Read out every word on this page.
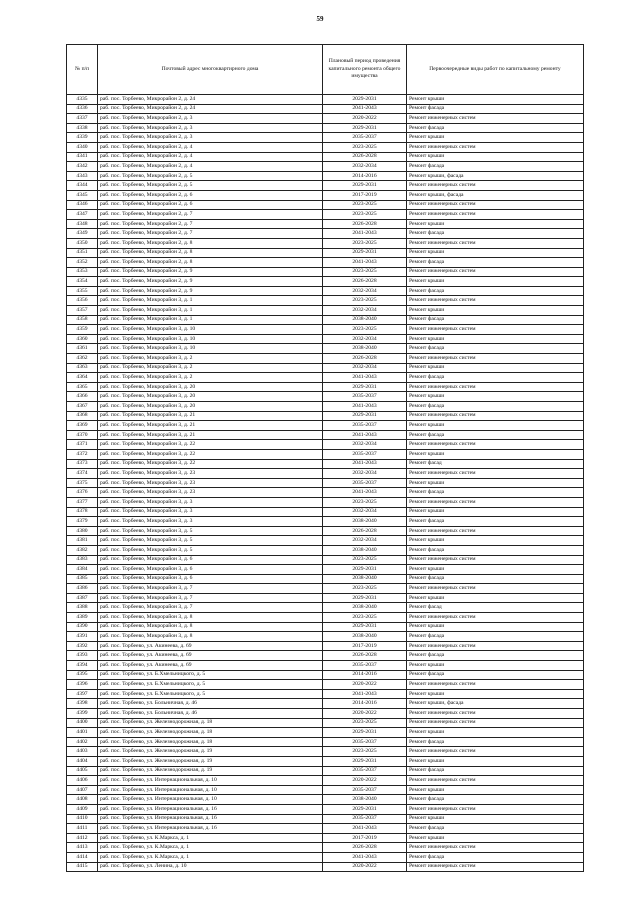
59
№ п/п	Почтовый адрес многоквартирного дома	Плановый период проведения капитального ремонта общего имущества	Первоочередные виды работ по капитальному ремонту
4335	раб. пос. Торбеево, Микрорайон 2, д. 24	2029-2031	Ремонт крыши
4336	раб. пос. Торбеево, Микрорайон 2, д. 24	2041-2043	Ремонт фасада
4337	раб. пос. Торбеево, Микрорайон 2, д. 3	2020-2022	Ремонт инженерных систем
4338	раб. пос. Торбеево, Микрорайон 2, д. 3	2029-2031	Ремонт фасада
4339	раб. пос. Торбеево, Микрорайон 2, д. 3	2035-2037	Ремонт крыши
4340	раб. пос. Торбеево, Микрорайон 2, д. 4	2023-2025	Ремонт инженерных систем
4341	раб. пос. Торбеево, Микрорайон 2, д. 4	2026-2028	Ремонт крыши
4342	раб. пос. Торбеево, Микрорайон 2, д. 4	2032-2034	Ремонт фасада
4343	раб. пос. Торбеево, Микрорайон 2, д. 5	2014-2016	Ремонт крыши, фасада
4344	раб. пос. Торбеево, Микрорайон 2, д. 5	2029-2031	Ремонт инженерных систем
4345	раб. пос. Торбеево, Микрорайон 2, д. 6	2017-2019	Ремонт крыши, фасада
4346	раб. пос. Торбеево, Микрорайон 2, д. 6	2023-2025	Ремонт инженерных систем
4347	раб. пос. Торбеево, Микрорайон 2, д. 7	2023-2025	Ремонт инженерных систем
4348	раб. пос. Торбеево, Микрорайон 2, д. 7	2026-2028	Ремонт крыши
4349	раб. пос. Торбеево, Микрорайон 2, д. 7	2041-2043	Ремонт фасада
4350	раб. пос. Торбеево, Микрорайон 2, д. 8	2023-2025	Ремонт инженерных систем
4351	раб. пос. Торбеево, Микрорайон 2, д. 8	2029-2031	Ремонт крыши
4352	раб. пос. Торбеево, Микрорайон 2, д. 8	2041-2043	Ремонт фасада
4353	раб. пос. Торбеево, Микрорайон 2, д. 9	2023-2025	Ремонт инженерных систем
4354	раб. пос. Торбеево, Микрорайон 2, д. 9	2026-2028	Ремонт крыши
4355	раб. пос. Торбеево, Микрорайон 2, д. 9	2032-2034	Ремонт фасада
4356	раб. пос. Торбеево, Микрорайон 3, д. 1	2023-2025	Ремонт инженерных систем
4357	раб. пос. Торбеево, Микрорайон 3, д. 1	2032-2034	Ремонт крыши
4358	раб. пос. Торбеево, Микрорайон 3, д. 1	2038-2040	Ремонт фасада
4359	раб. пос. Торбеево, Микрорайон 3, д. 10	2023-2025	Ремонт инженерных систем
4360	раб. пос. Торбеево, Микрорайон 3, д. 10	2032-2034	Ремонт крыши
4361	раб. пос. Торбеево, Микрорайон 3, д. 10	2038-2040	Ремонт фасада
4362	раб. пос. Торбеево, Микрорайон 3, д. 2	2026-2028	Ремонт инженерных систем
4363	раб. пос. Торбеево, Микрорайон 3, д. 2	2032-2034	Ремонт крыши
4364	раб. пос. Торбеево, Микрорайон 3, д. 2	2041-2043	Ремонт фасада
4365	раб. пос. Торбеево, Микрорайон 3, д. 20	2029-2031	Ремонт инженерных систем
4366	раб. пос. Торбеево, Микрорайон 3, д. 20	2035-2037	Ремонт крыши
4367	раб. пос. Торбеево, Микрорайон 3, д. 20	2041-2043	Ремонт фасада
4368	раб. пос. Торбеево, Микрорайон 3, д. 21	2029-2031	Ремонт инженерных систем
4369	раб. пос. Торбеево, Микрорайон 3, д. 21	2035-2037	Ремонт крыши
4370	раб. пос. Торбеево, Микрорайон 3, д. 21	2041-2043	Ремонт фасада
4371	раб. пос. Торбеево, Микрорайон 3, д. 22	2032-2034	Ремонт инженерных систем
4372	раб. пос. Торбеево, Микрорайон 3, д. 22	2035-2037	Ремонт крыши
4373	раб. пос. Торбеево, Микрорайон 3, д. 22	2041-2043	Ремонт фасад
4374	раб. пос. Торбеево, Микрорайон 3, д. 23	2032-2034	Ремонт инженерных систем
4375	раб. пос. Торбеево, Микрорайон 3, д. 23	2035-2037	Ремонт крыши
4376	раб. пос. Торбеево, Микрорайон 3, д. 23	2041-2043	Ремонт фасада
4377	раб. пос. Торбеево, Микрорайон 3, д. 3	2023-2025	Ремонт инженерных систем
4378	раб. пос. Торбеево, Микрорайон 3, д. 3	2032-2034	Ремонт крыши
4379	раб. пос. Торбеево, Микрорайон 3, д. 3	2038-2040	Ремонт фасада
4380	раб. пос. Торбеево, Микрорайон 3, д. 5	2026-2028	Ремонт инженерных систем
4381	раб. пос. Торбеево, Микрорайон 3, д. 5	2032-2034	Ремонт крыши
4382	раб. пос. Торбеево, Микрорайон 3, д. 5	2038-2040	Ремонт фасада
4383	раб. пос. Торбеево, Микрорайон 3, д. 6	2023-2025	Ремонт инженерных систем
4384	раб. пос. Торбеево, Микрорайон 3, д. 6	2029-2031	Ремонт крыши
4385	раб. пос. Торбеево, Микрорайон 3, д. 6	2038-2040	Ремонт фасада
4386	раб. пос. Торбеево, Микрорайон 3, д. 7	2023-2025	Ремонт инженерных систем
4387	раб. пос. Торбеево, Микрорайон 3, д. 7	2029-2031	Ремонт крыши
4388	раб. пос. Торбеево, Микрорайон 3, д. 7	2038-2040	Ремонт фасад
4389	раб. пос. Торбеево, Микрорайон 3, д. 8	2023-2025	Ремонт инженерных систем
4390	раб. пос. Торбеево, Микрорайон 3, д. 8	2029-2031	Ремонт крыши
4391	раб. пос. Торбеево, Микрорайон 3, д. 8	2038-2040	Ремонт фасада
4392	раб. пос. Торбеево, ул. Акинеева, д. 69	2017-2019	Ремонт инженерных систем
4393	раб. пос. Торбеево, ул. Акинеева, д. 69	2026-2028	Ремонт фасада
4394	раб. пос. Торбеево, ул. Акинеева, д. 69	2035-2037	Ремонт крыши
4395	раб. пос. Торбеево, ул. Б.Хмельницкого, д. 5	2014-2016	Ремонт фасада
4396	раб. пос. Торбеево, ул. Б.Хмельницкого, д. 5	2020-2022	Ремонт инженерных систем
4397	раб. пос. Торбеево, ул. Б.Хмельницкого, д. 5	2041-2043	Ремонт крыши
4398	раб. пос. Торбеево, ул. Больничная, д. 46	2014-2016	Ремонт крыши, фасада
4399	раб. пос. Торбеево, ул. Больничная, д. 46	2020-2022	Ремонт инженерных систем
4400	раб. пос. Торбеево, ул. Железнодорожная, д. 18	2023-2025	Ремонт инженерных систем
4401	раб. пос. Торбеево, ул. Железнодорожная, д. 18	2029-2031	Ремонт крыши
4402	раб. пос. Торбеево, ул. Железнодорожная, д. 18	2035-2037	Ремонт фасада
4403	раб. пос. Торбеево, ул. Железнодорожная, д. 19	2023-2025	Ремонт инженерных систем
4404	раб. пос. Торбеево, ул. Железнодорожная, д. 19	2029-2031	Ремонт крыши
4405	раб. пос. Торбеево, ул. Железнодорожная, д. 19	2035-2037	Ремонт фасада
4406	раб. пос. Торбеево, ул. Интернациональная, д. 10	2020-2022	Ремонт инженерных систем
4407	раб. пос. Торбеево, ул. Интернациональная, д. 10	2035-2037	Ремонт крыши
4408	раб. пос. Торбеево, ул. Интернациональная, д. 10	2038-2040	Ремонт фасада
4409	раб. пос. Торбеево, ул. Интернациональная, д. 16	2029-2031	Ремонт инженерных систем
4410	раб. пос. Торбеево, ул. Интернациональная, д. 16	2035-2037	Ремонт крыши
4411	раб. пос. Торбеево, ул. Интернациональная, д. 16	2041-2043	Ремонт фасада
4412	раб. пос. Торбеево, ул. К.Маркса, д. 1	2017-2019	Ремонт крыши
4413	раб. пос. Торбеево, ул. К.Маркса, д. 1	2026-2028	Ремонт инженерных систем
4414	раб. пос. Торбеево, ул. К.Маркса, д. 1	2041-2043	Ремонт фасада
4415	раб. пос. Торбеево, ул. Ленина, д. 10	2020-2022	Ремонт инженерных систем
